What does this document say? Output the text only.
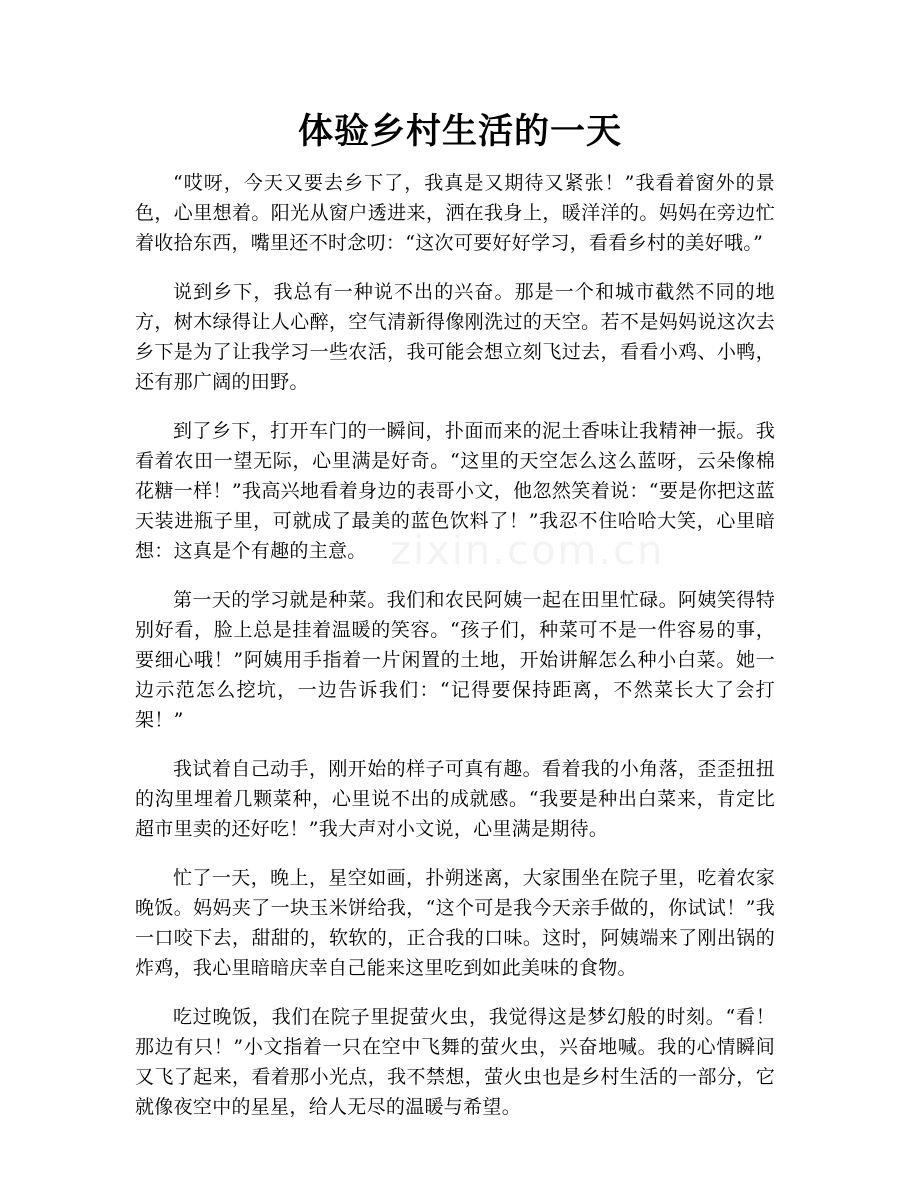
zixin.com.cn
体验乡村生活的一天

“哎呀，今天又要去乡下了，我真是又期待又紧张！”我看着窗外的景色，心里想着。阳光从窗户透进来，洒在我身上，暖洋洋的。妈妈在旁边忙着收拾东西，嘴里还不时念叨：“这次可要好好学习，看看乡村的美好哦。”

说到乡下，我总有一种说不出的兴奋。那是一个和城市截然不同的地方，树木绿得让人心醉，空气清新得像刚洗过的天空。若不是妈妈说这次去乡下是为了让我学习一些农活，我可能会想立刻飞过去，看看小鸡、小鸭，还有那广阔的田野。

到了乡下，打开车门的一瞬间，扑面而来的泥土香味让我精神一振。我看着农田一望无际，心里满是好奇。“这里的天空怎么这么蓝呀，云朵像棉花糖一样！”我高兴地看着身边的表哥小文，他忽然笑着说：“要是你把这蓝天装进瓶子里，可就成了最美的蓝色饮料了！”我忍不住哈哈大笑，心里暗想：这真是个有趣的主意。

第一天的学习就是种菜。我们和农民阿姨一起在田里忙碌。阿姨笑得特别好看，脸上总是挂着温暖的笑容。“孩子们，种菜可不是一件容易的事，要细心哦！”阿姨用手指着一片闲置的土地，开始讲解怎么种小白菜。她一边示范怎么挖坑，一边告诉我们：“记得要保持距离，不然菜长大了会打架！”

我试着自己动手，刚开始的样子可真有趣。看着我的小角落，歪歪扭扭的沟里埋着几颗菜种，心里说不出的成就感。“我要是种出白菜来，肯定比超市里卖的还好吃！”我大声对小文说，心里满是期待。

忙了一天，晚上，星空如画，扑朔迷离，大家围坐在院子里，吃着农家晚饭。妈妈夹了一块玉米饼给我，“这个可是我今天亲手做的，你试试！”我一口咬下去，甜甜的，软软的，正合我的口味。这时，阿姨端来了刚出锅的炸鸡，我心里暗暗庆幸自己能来这里吃到如此美味的食物。

吃过晚饭，我们在院子里捉萤火虫，我觉得这是梦幻般的时刻。“看！那边有只！”小文指着一只在空中飞舞的萤火虫，兴奋地喊。我的心情瞬间又飞了起来，看着那小光点，我不禁想，萤火虫也是乡村生活的一部分，它就像夜空中的星星，给人无尽的温暖与希望。
